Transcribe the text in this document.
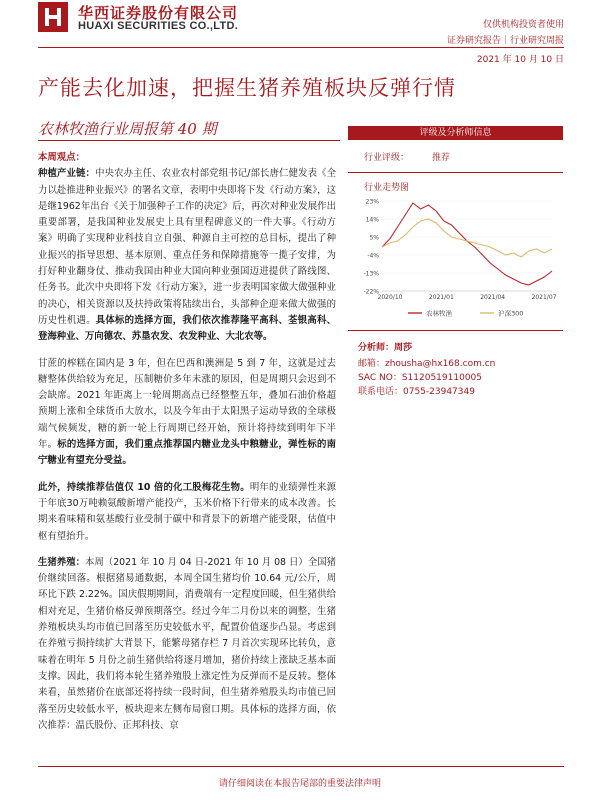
华西证券股份有限公司
HUAXI SECURITIES CO.,LTD.	仅供机构投资者使用
证券研究报告｜行业研究周报
2021 年 10 月 10 日
产能去化加速，把握生猪养殖板块反弹行情
农林牧渔行业周报第 40 期

本周观点：

种植产业链：中央农办主任、农业农村部党组书记/部长唐仁健发表《全力以赴推进种业振兴》的署名文章，表明中央即将下发《行动方案》，这是继1962年出台《关于加强种子工作的决定》后，再次对种业发展作出重要部署，是我国种业发展史上具有里程碑意义的一件大事。《行动方案》明确了实现种业科技自立自强、种源自主可控的总目标，提出了种业振兴的指导思想、基本原则、重点任务和保障措施等一揽子安排，为打好种业翻身仗、推动我国由种业大国向种业强国迈进提供了路线图、任务书。此次中央即将下发《行动方案》，进一步表明国家做大做强种业的决心，相关资源以及扶持政策将陆续出台，头部种企迎来做大做强的历史性机遇。具体标的选择方面，我们依次推荐隆平高科、荃银高科、登海种业、万向德农、苏垦农发、农发种业、大北农等。

甘蔗的榨糕在国内是 3 年，但在巴西和澳洲是 5 到 7 年，这就是过去糖整体供给较为充足，压制糖价多年未涨的原因，但是周期只会迟到不会缺席。2021 年距离上一轮周期高点已经整整五年，叠加石油价格超预期上涨和全球货币大放水，以及今年由于太阳黑子运动导致的全球极端气候频发，糖的新一轮上行周期已经开始，预计将持续到明年下半年。标的选择方面，我们重点推荐国内糖业龙头中粮糖业，弹性标的南宁糖业有望充分受益。

此外，持续推荐估值仅 10 倍的化工股梅花生物。明年的业绩弹性来源于年底30万吨赖氨酸新增产能投产，玉米价格下行带来的成本改善。长期来看味精和氨基酸行业受制于碳中和背景下的新增产能受限，估值中枢有望抬升。

生猪养殖：本周（2021 年 10 月 04 日-2021 年 10 月 08 日）全国猪价继续回落。根据猪易通数据，本周全国生猪均价 10.64 元/公斤，周环比下跌 2.22%。国庆假期期间，消费端有一定程度回暖，但生猪供给相对充足，生猪价格反弹预期落空。经过今年二月份以来的调整，生猪养殖板块头均市值已回落至历史较低水平，配置价值逐步凸显。考虑到在养殖亏损持续扩大背景下，能繁母猪存栏 7 月首次实现环比转负，意味着在明年 5 月份之前生猪供给将逐月增加，猪价持续上涨缺乏基本面支撑。因此，我们将本轮生猪养殖股上涨定性为反弹而不是反转。整体来看，虽然猪价在底部还将持续一段时间，但生猪养殖股头均市值已回落至历史较低水平，板块迎来左侧布局窗口期。具体标的选择方面，依次推荐：温氏股份、正邦科技、京

评级及分析师信息
行业评级：	推荐
行业走势图
23%
14%
5%
-4%
-13%
-22%
2020/10	2021/01	2021/04	2021/07
农林牧渔	沪深300
分析师：周莎
邮箱：zhousha@hx168.com.cn
SAC NO：S1120519110005
联系电话：0755-23947349
请仔细阅读在本报告尾部的重要法律声明
